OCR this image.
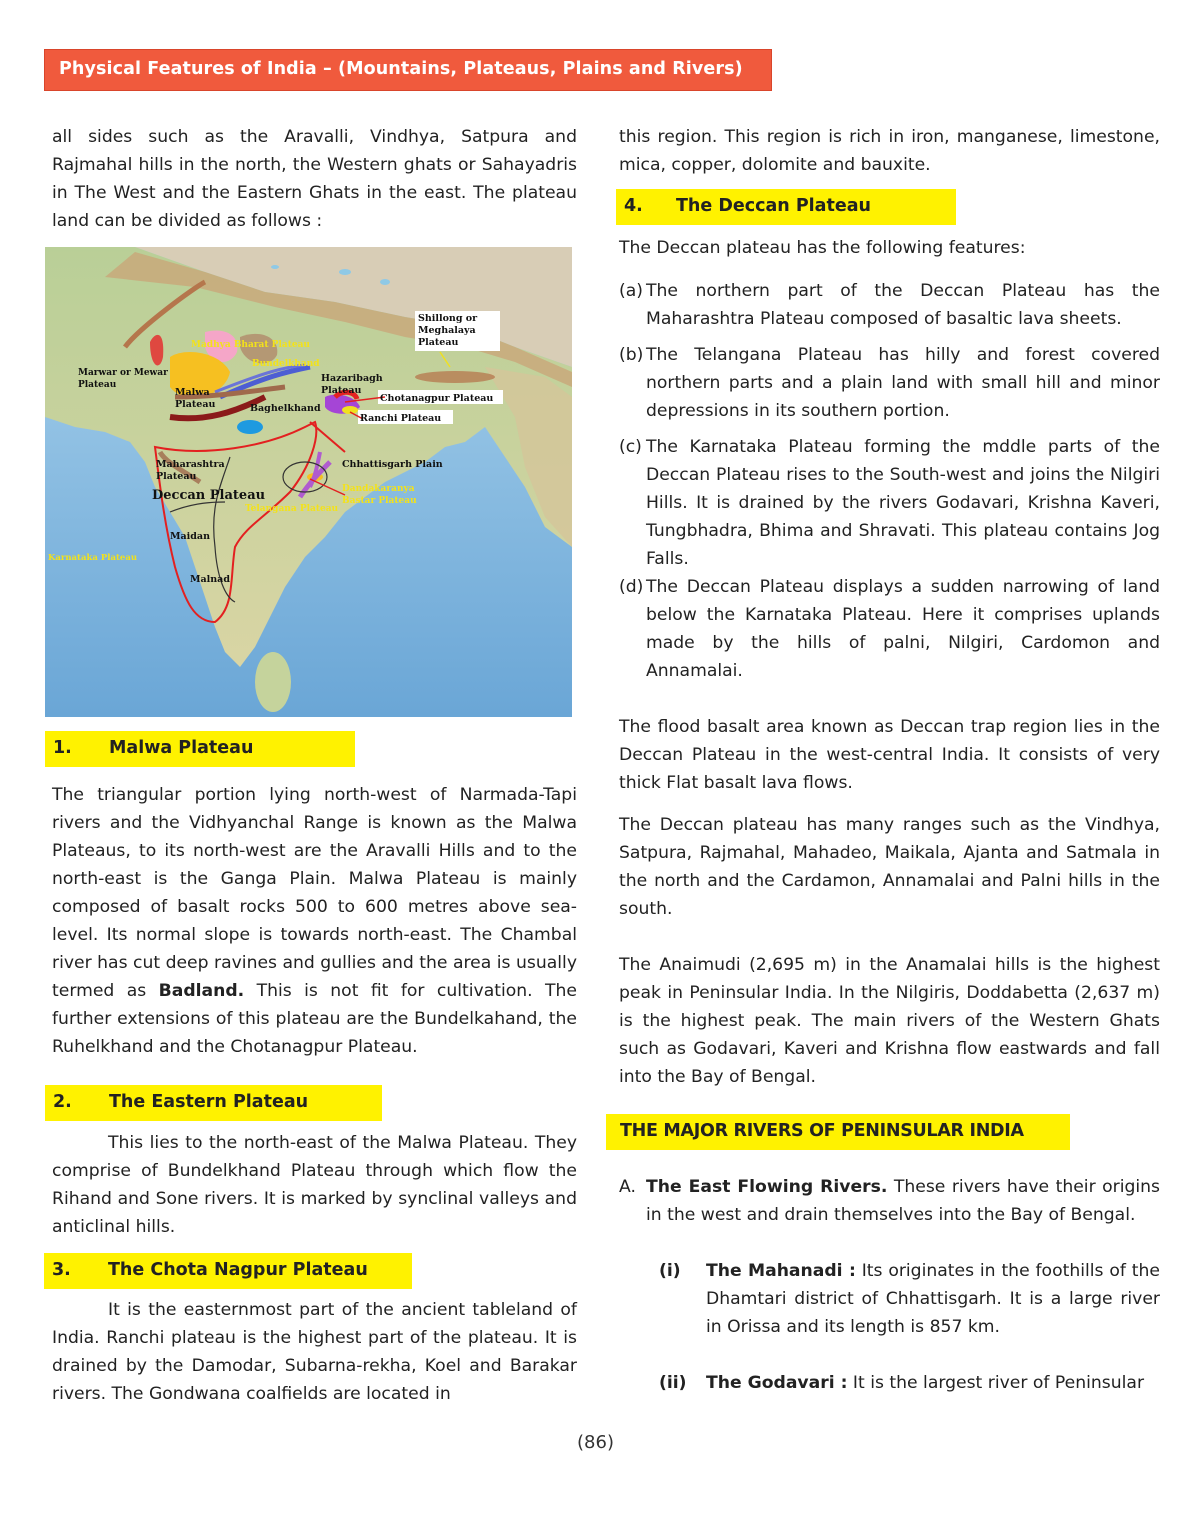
Physical Features of India – (Mountains, Plateaus, Plains and Rivers)

all sides such as the Aravalli, Vindhya, Satpura and Rajmahal hills in the north, the Western ghats or Sahayadris in The West and the Eastern Ghats in the east. The plateau land can be divided as follows :

Shillong or
Meghalaya
Plateau
Madhya Bharat Plateau
Bundelkhand
Marwar or Mewar
Plateau
Malwa
Plateau
Hazaribagh
Plateau
Chotanagpur Plateau
Baghelkhand
Ranchi Plateau
Maharashtra
Plateau
Chhattisgarh Plain
Deccan Plateau	Dandakaranya
Bastar Plateau
Telangana Plateau
Maidan
Karnataka Plateau
Malnad
1. Malwa Plateau

The triangular portion lying north-west of Narmada-Tapi rivers and the Vidhyanchal Range is known as the Malwa Plateaus, to its north-west are the Aravalli Hills and to the north-east is the Ganga Plain. Malwa Plateau is mainly composed of basalt rocks 500 to 600 metres above sea-level. Its normal slope is towards north-east. The Chambal river has cut deep ravines and gullies and the area is usually termed as Badland. This is not fit for cultivation. The further extensions of this plateau are the Bundelkahand, the Ruhelkhand and the Chotanagpur Plateau.

2. The Eastern Plateau

This lies to the north-east of the Malwa Plateau. They comprise of Bundelkhand Plateau through which flow the Rihand and Sone rivers. It is marked by synclinal valleys and anticlinal hills.

3. The Chota Nagpur Plateau

It is the easternmost part of the ancient tableland of India. Ranchi plateau is the highest part of the plateau. It is drained by the Damodar, Subarna-rekha, Koel and Barakar rivers. The Gondwana coalfields are located in

this region. This region is rich in iron, manganese, limestone, mica, copper, dolomite and bauxite.

4. The Deccan Plateau

The Deccan plateau has the following features:

(a) The northern part of the Deccan Plateau has the Maharashtra Plateau composed of basaltic lava sheets.
(b) The Telangana Plateau has hilly and forest covered northern parts and a plain land with small hill and minor depressions in its southern portion.
(c) The Karnataka Plateau forming the mddle parts of the Deccan Plateau rises to the South-west and joins the Nilgiri Hills. It is drained by the rivers Godavari, Krishna Kaveri, Tungbhadra, Bhima and Shravati. This plateau contains Jog Falls.
(d) The Deccan Plateau displays a sudden narrowing of land below the Karnataka Plateau. Here it comprises uplands made by the hills of palni, Nilgiri, Cardomon and Annamalai.

The flood basalt area known as Deccan trap region lies in the Deccan Plateau in the west-central India. It consists of very thick Flat basalt lava flows.

The Deccan plateau has many ranges such as the Vindhya, Satpura, Rajmahal, Mahadeo, Maikala, Ajanta and Satmala in the north and the Cardamon, Annamalai and Palni hills in the south.

The Anaimudi (2,695 m) in the Anamalai hills is the highest peak in Peninsular India. In the Nilgiris, Doddabetta (2,637 m) is the highest peak. The main rivers of the Western Ghats such as Godavari, Kaveri and Krishna flow eastwards and fall into the Bay of Bengal.

THE MAJOR RIVERS OF PENINSULAR INDIA
A. The East Flowing Rivers. These rivers have their origins in the west and drain themselves into the Bay of Bengal.
(i) The Mahanadi : Its originates in the foothills of the Dhamtari district of Chhattisgarh. It is a large river in Orissa and its length is 857 km.
(ii) The Godavari : It is the largest river of Peninsular
(86)
